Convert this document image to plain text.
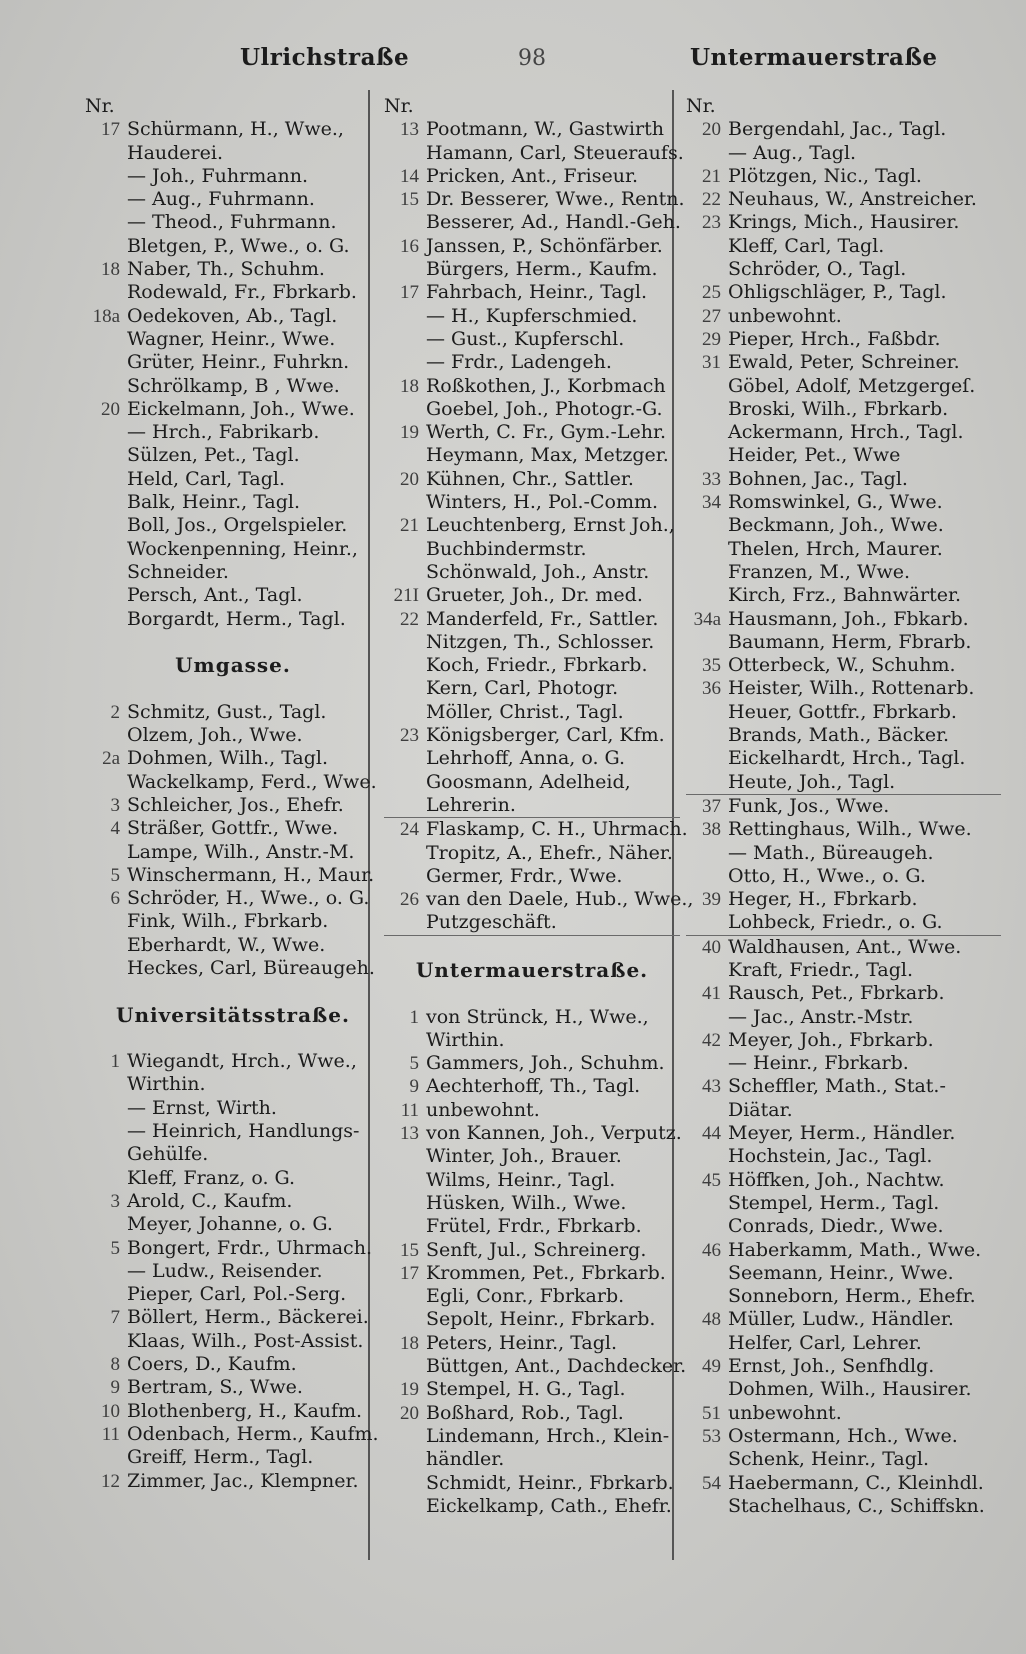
Ulrichstraße	98	Untermauerstraße
Nr.
17 Schürmann, H., Wwe.,
Hauderei.
— Joh., Fuhrmann.
— Aug., Fuhrmann.
— Theod., Fuhrmann.
Bletgen, P., Wwe., o. G.
18 Naber, Th., Schuhm.
Rodewald, Fr., Fbrkarb.
18a Oedekoven, Ab., Tagl.
Wagner, Heinr., Wwe.
Grüter, Heinr., Fuhrkn.
Schrölkamp, B , Wwe.
20 Eickelmann, Joh., Wwe.
— Hrch., Fabrikarb.
Sülzen, Pet., Tagl.
Held, Carl, Tagl.
Balk, Heinr., Tagl.
Boll, Jos., Orgelspieler.
Wockenpenning, Heinr.,
Schneider.
Persch, Ant., Tagl.
Borgardt, Herm., Tagl.
Umgasse.
2 Schmitz, Gust., Tagl.
Olzem, Joh., Wwe.
2a Dohmen, Wilh., Tagl.
Wackelkamp, Ferd., Wwe.
3 Schleicher, Jos., Ehefr.
4 Sträßer, Gottfr., Wwe.
Lampe, Wilh., Anstr.-M.
5 Winschermann, H., Maur.
6 Schröder, H., Wwe., o. G.
Fink, Wilh., Fbrkarb.
Eberhardt, W., Wwe.
Heckes, Carl, Büreaugeh.
Universitätsstraße.
1 Wiegandt, Hrch., Wwe.,
Wirthin.
— Ernst, Wirth.
— Heinrich, Handlungs-
Gehülfe.
Kleff, Franz, o. G.
3 Arold, C., Kaufm.
Meyer, Johanne, o. G.
5 Bongert, Frdr., Uhrmach.
— Ludw., Reisender.
Pieper, Carl, Pol.-Serg.
7 Böllert, Herm., Bäckerei.
Klaas, Wilh., Post-Assist.
8 Coers, D., Kaufm.
9 Bertram, S., Wwe.
10 Blothenberg, H., Kaufm.
11 Odenbach, Herm., Kaufm.
Greiff, Herm., Tagl.
12 Zimmer, Jac., Klempner.
Nr.
13 Pootmann, W., Gastwirth
Hamann, Carl, Steueraufs.
14 Pricken, Ant., Friseur.
15 Dr. Besserer, Wwe., Rentn.
Besserer, Ad., Handl.-Geh.
16 Janssen, P., Schönfärber.
Bürgers, Herm., Kaufm.
17 Fahrbach, Heinr., Tagl.
— H., Kupferschmied.
— Gust., Kupferschl.
— Frdr., Ladengeh.
18 Roßkothen, J., Korbmach
Goebel, Joh., Photogr.-G.
19 Werth, C. Fr., Gym.-Lehr.
Heymann, Max, Metzger.
20 Kühnen, Chr., Sattler.
Winters, H., Pol.-Comm.
21 Leuchtenberg, Ernst Joh.,
Buchbindermstr.
Schönwald, Joh., Anstr.
21I Grueter, Joh., Dr. med.
22 Manderfeld, Fr., Sattler.
Nitzgen, Th., Schlosser.
Koch, Friedr., Fbrkarb.
Kern, Carl, Photogr.
Möller, Christ., Tagl.
23 Königsberger, Carl, Kfm.
Lehrhoff, Anna, o. G.
Goosmann, Adelheid,
Lehrerin.
24 Flaskamp, C. H., Uhrmach.
Tropitz, A., Ehefr., Näher.
Germer, Frdr., Wwe.
26 van den Daele, Hub., Wwe.,
Putzgeschäft.
Untermauerstraße.
1 von Strünck, H., Wwe.,
Wirthin.
5 Gammers, Joh., Schuhm.
9 Aechterhoff, Th., Tagl.
11 unbewohnt.
13 von Kannen, Joh., Verputz.
Winter, Joh., Brauer.
Wilms, Heinr., Tagl.
Hüsken, Wilh., Wwe.
Frütel, Frdr., Fbrkarb.
15 Senft, Jul., Schreinerg.
17 Krommen, Pet., Fbrkarb.
Egli, Conr., Fbrkarb.
Sepolt, Heinr., Fbrkarb.
18 Peters, Heinr., Tagl.
Büttgen, Ant., Dachdecker.
19 Stempel, H. G., Tagl.
20 Boßhard, Rob., Tagl.
Lindemann, Hrch., Klein-
händler.
Schmidt, Heinr., Fbrkarb.
Eickelkamp, Cath., Ehefr.
Nr.
20 Bergendahl, Jac., Tagl.
— Aug., Tagl.
21 Plötzgen, Nic., Tagl.
22 Neuhaus, W., Anstreicher.
23 Krings, Mich., Hausirer.
Kleff, Carl, Tagl.
Schröder, O., Tagl.
25 Ohligschläger, P., Tagl.
27 unbewohnt.
29 Pieper, Hrch., Faßbdr.
31 Ewald, Peter, Schreiner.
Göbel, Adolf, Metzgergeſ.
Broski, Wilh., Fbrkarb.
Ackermann, Hrch., Tagl.
Heider, Pet., Wwe
33 Bohnen, Jac., Tagl.
34 Romswinkel, G., Wwe.
Beckmann, Joh., Wwe.
Thelen, Hrch, Maurer.
Franzen, M., Wwe.
Kirch, Frz., Bahnwärter.
34a Hausmann, Joh., Fbkarb.
Baumann, Herm, Fbrarb.
35 Otterbeck, W., Schuhm.
36 Heister, Wilh., Rottenarb.
Heuer, Gottfr., Fbrkarb.
Brands, Math., Bäcker.
Eickelhardt, Hrch., Tagl.
Heute, Joh., Tagl.
37 Funk, Jos., Wwe.
38 Rettinghaus, Wilh., Wwe.
— Math., Büreaugeh.
Otto, H., Wwe., o. G.
39 Heger, H., Fbrkarb.
Lohbeck, Friedr., o. G.
40 Waldhausen, Ant., Wwe.
Kraft, Friedr., Tagl.
41 Rausch, Pet., Fbrkarb.
— Jac., Anstr.-Mstr.
42 Meyer, Joh., Fbrkarb.
— Heinr., Fbrkarb.
43 Scheffler, Math., Stat.-
Diätar.
44 Meyer, Herm., Händler.
Hochstein, Jac., Tagl.
45 Höffken, Joh., Nachtw.
Stempel, Herm., Tagl.
Conrads, Diedr., Wwe.
46 Haberkamm, Math., Wwe.
Seemann, Heinr., Wwe.
Sonneborn, Herm., Ehefr.
48 Müller, Ludw., Händler.
Helfer, Carl, Lehrer.
49 Ernst, Joh., Senfhdlg.
Dohmen, Wilh., Hausirer.
51 unbewohnt.
53 Ostermann, Hch., Wwe.
Schenk, Heinr., Tagl.
54 Haebermann, C., Kleinhdl.
Stachelhaus, C., Schiffskn.
